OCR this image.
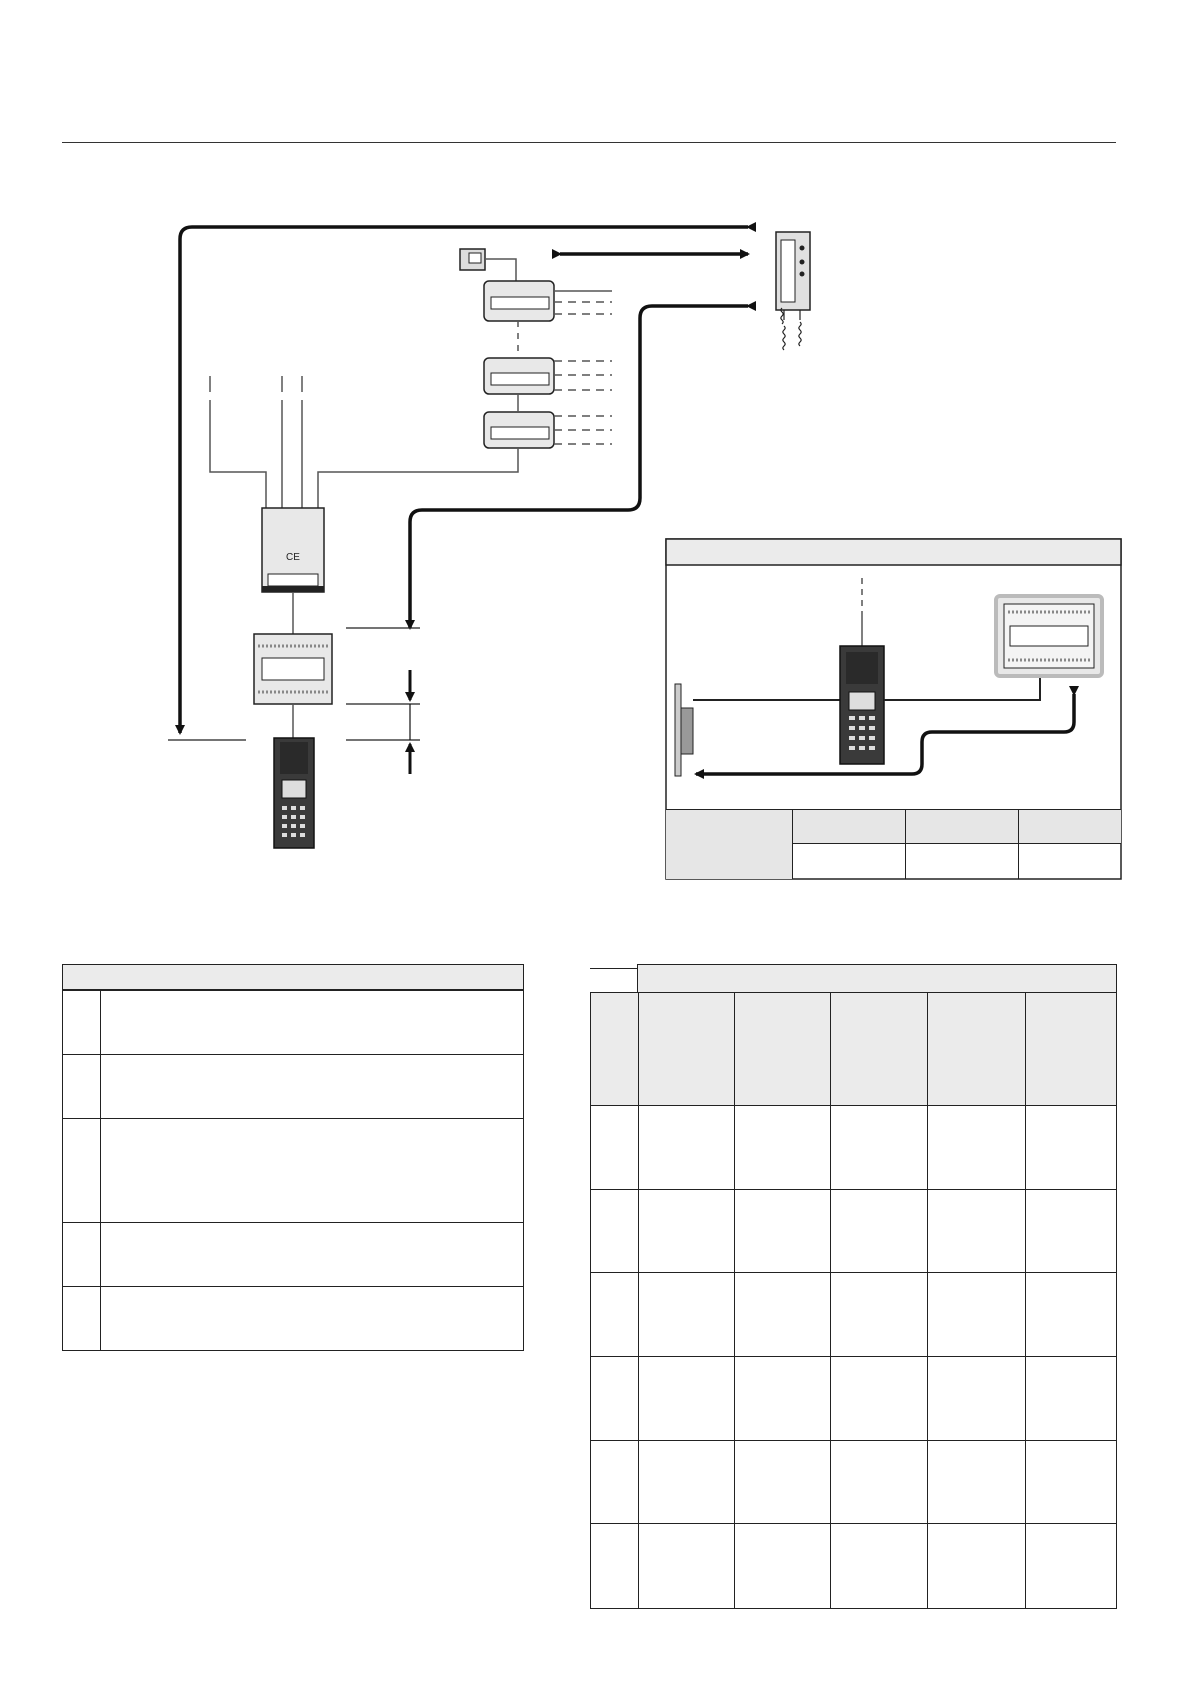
CE
